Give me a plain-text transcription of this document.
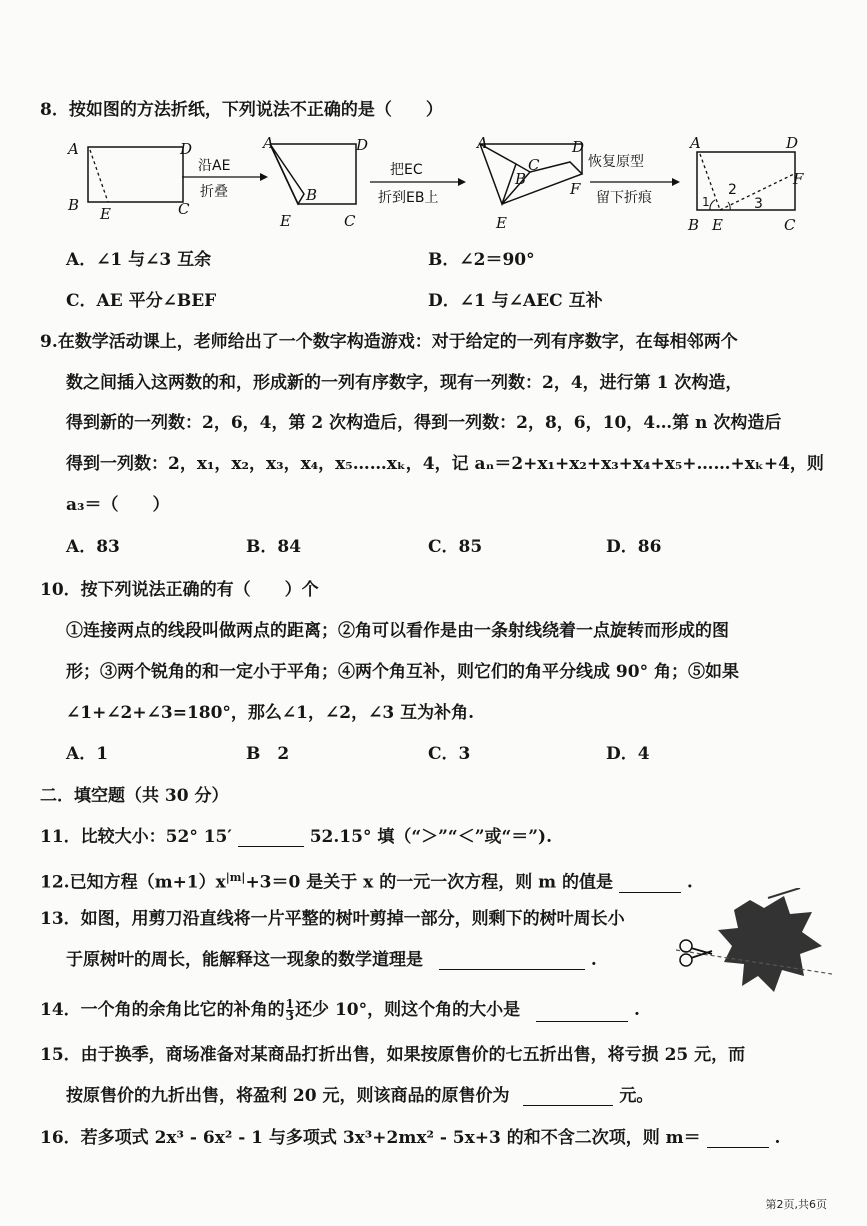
8．按如图的方法折纸，下列说法不正确的是（　　）
A
B
D
C
E
沿AE
折叠
A	D
B
E	C
把EC
折到EB上
A	D
C
B
F
E
恢复原型
留下折痕
A	D
F
B E	C
1
2
3
A．∠1 与∠3 互余	B．∠2＝90°
C．AE 平分∠BEF	D．∠1 与∠AEC 互补
9.在数学活动课上，老师给出了一个数字构造游戏：对于给定的一列有序数字，在每相邻两个
数之间插入这两数的和，形成新的一列有序数字，现有一列数：2，4，进行第 1 次构造，
得到新的一列数：2，6，4，第 2 次构造后，得到一列数：2，8，6，10，4…第 n 次构造后
得到一列数：2，x₁，x₂，x₃，x₄，x₅……xₖ，4，记 aₙ＝2+x₁+x₂+x₃+x₄+x₅+……+xₖ+4，则
a₃＝（　　）
A．83	B．84	C．85	D．86
10．按下列说法正确的有（　　）个
①连接两点的线段叫做两点的距离；②角可以看作是由一条射线绕着一点旋转而形成的图
形；③两个锐角的和一定小于平角；④两个角互补，则它们的角平分线成 90° 角；⑤如果
∠1+∠2+∠3=180°，那么∠1，∠2，∠3 互为补角.
A．1	B　2	C．3	D．4
二．填空题（共 30 分）
11．比较大小：52° 15′	52.15° 填（“＞”“＜”或“＝”).
12.已知方程$(m+1)x^{|m|}+3=0$ 是关于 x 的一元一次方程，则 m 的值是	.
13．如图，用剪刀沿直线将一片平整的树叶剪掉一部分，则剩下的树叶周长小
于原树叶的周长，能解释这一现象的数学道理是	.
14．一个角的余角比它的补角的 $\frac{1}{3}$ 还少 10°，则这个角的大小是	.
15．由于换季，商场准备对某商品打折出售，如果按原售价的七五折出售，将亏损 25 元，而
按原售价的九折出售，将盈利 20 元，则该商品的原售价为	元。
16．若多项式 2x³ - 6x² - 1 与多项式 3x³+2mx² - 5x+3 的和不含二次项，则 m＝	.
第2页,共6页
